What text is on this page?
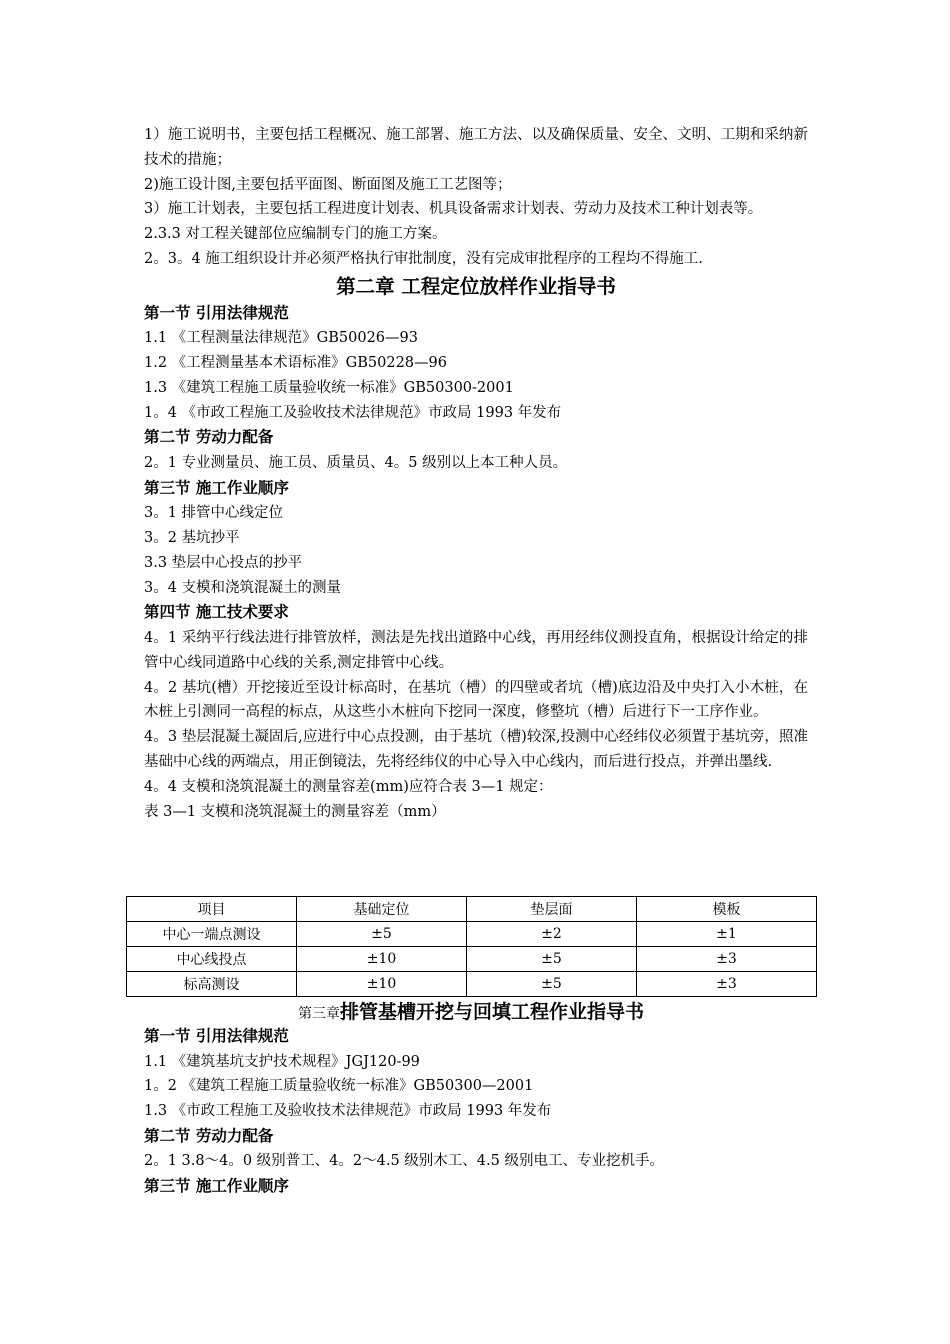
1）施工说明书，主要包括工程概况、施工部署、施工方法、以及确保质量、安全、文明、工期和采纳新技术的措施；

2)施工设计图,主要包括平面图、断面图及施工工艺图等；

3）施工计划表，主要包括工程进度计划表、机具设备需求计划表、劳动力及技术工种计划表等。

2.3.3 对工程关键部位应编制专门的施工方案。

2。3。4 施工组织设计并必须严格执行审批制度，没有完成审批程序的工程均不得施工.

第二章 工程定位放样作业指导书

第一节 引用法律规范

1.1 《工程测量法律规范》GB50026—93

1.2 《工程测量基本术语标准》GB50228—96

1.3 《建筑工程施工质量验收统一标准》GB50300-2001

1。4 《市政工程施工及验收技术法律规范》市政局 1993 年发布

第二节 劳动力配备

2。1 专业测量员、施工员、质量员、4。5 级别以上本工种人员。

第三节 施工作业顺序

3。1 排管中心线定位

3。2 基坑抄平

3.3 垫层中心投点的抄平

3。4 支模和浇筑混凝土的测量

第四节 施工技术要求

4。1 采纳平行线法进行排管放样，测法是先找出道路中心线，再用经纬仪测投直角，根据设计给定的排管中心线同道路中心线的关系,测定排管中心线。

4。2 基坑(槽）开挖接近至设计标高时，在基坑（槽）的四壁或者坑（槽)底边沿及中央打入小木桩，在木桩上引测同一高程的标点，从这些小木桩向下挖同一深度，修整坑（槽）后进行下一工序作业。

4。3 垫层混凝土凝固后,应进行中心点投测，由于基坑（槽)较深,投测中心经纬仪必须置于基坑旁，照准基础中心线的两端点，用正倒镜法，先将经纬仪的中心导入中心线内，而后进行投点，并弹出墨线.

4。4 支模和浇筑混凝土的测量容差(mm)应符合表 3—1 规定：

表 3—1 支模和浇筑混凝土的测量容差（mm）

项目	基础定位	垫层面	模板
中心一端点测设	±5	±2	±1
中心线投点	±10	±5	±3
标高测设	±10	±5	±3

第三章排管基槽开挖与回填工程作业指导书

第一节 引用法律规范

1.1 《建筑基坑支护技术规程》JGJ120-99

1。2 《建筑工程施工质量验收统一标准》GB50300—2001

1.3 《市政工程施工及验收技术法律规范》市政局 1993 年发布

第二节 劳动力配备

2。1 3.8～4。0 级别普工、4。2～4.5 级别木工、4.5 级别电工、专业挖机手。

第三节 施工作业顺序
